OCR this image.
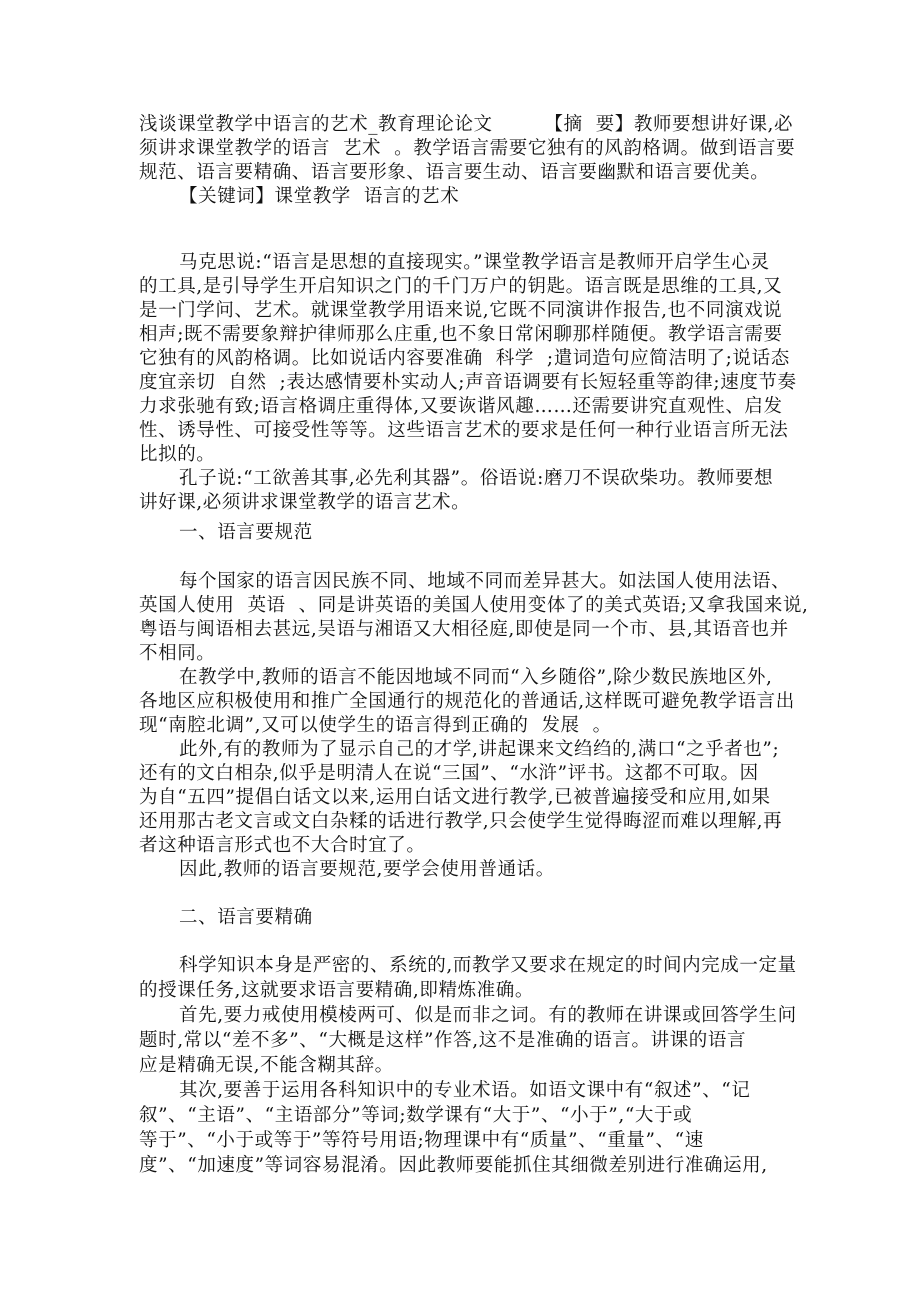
浅谈课堂教学中语言的艺术_教育理论论文        【摘  要】教师要想讲好课,必
须讲求课堂教学的语言  艺术  。教学语言需要它独有的风韵格调。做到语言要
规范、语言要精确、语言要形象、语言要生动、语言要幽默和语言要优美。
【关键词】课堂教学  语言的艺术
马克思说:“语言是思想的直接现实。”课堂教学语言是教师开启学生心灵
的工具,是引导学生开启知识之门的千门万户的钥匙。语言既是思维的工具,又
是一门学问、艺术。就课堂教学用语来说,它既不同演讲作报告,也不同演戏说
相声;既不需要象辩护律师那么庄重,也不象日常闲聊那样随便。教学语言需要
它独有的风韵格调。比如说话内容要准确  科学  ;遣词造句应简洁明了;说话态
度宜亲切  自然  ;表达感情要朴实动人;声音语调要有长短轻重等韵律;速度节奏
力求张驰有致;语言格调庄重得体,又要诙谐风趣……还需要讲究直观性、启发
性、诱导性、可接受性等等。这些语言艺术的要求是任何一种行业语言所无法
比拟的。
孔子说:“工欲善其事,必先利其器”。俗语说:磨刀不误砍柴功。教师要想
讲好课,必须讲求课堂教学的语言艺术。
一、语言要规范
每个国家的语言因民族不同、地域不同而差异甚大。如法国人使用法语、
英国人使用  英语  、同是讲英语的美国人使用变体了的美式英语;又拿我国来说,
粤语与闽语相去甚远,吴语与湘语又大相径庭,即使是同一个市、县,其语音也并
不相同。
在教学中,教师的语言不能因地域不同而“入乡随俗”,除少数民族地区外,
各地区应积极使用和推广全国通行的规范化的普通话,这样既可避免教学语言出
现“南腔北调”,又可以使学生的语言得到正确的  发展  。
此外,有的教师为了显示自己的才学,讲起课来文绉绉的,满口“之乎者也”;
还有的文白相杂,似乎是明清人在说“三国”、“水浒”评书。这都不可取。因
为自“五四”提倡白话文以来,运用白话文进行教学,已被普遍接受和应用,如果
还用那古老文言或文白杂糅的话进行教学,只会使学生觉得晦涩而难以理解,再
者这种语言形式也不大合时宜了。
因此,教师的语言要规范,要学会使用普通话。
二、语言要精确
科学知识本身是严密的、系统的,而教学又要求在规定的时间内完成一定量
的授课任务,这就要求语言要精确,即精炼准确。
首先,要力戒使用模棱两可、似是而非之词。有的教师在讲课或回答学生问
题时,常以“差不多”、“大概是这样”作答,这不是准确的语言。讲课的语言
应是精确无误,不能含糊其辞。
其次,要善于运用各科知识中的专业术语。如语文课中有“叙述”、“记
叙”、“主语”、“主语部分”等词;数学课有“大于”、“小于”,“大于或
等于”、“小于或等于”等符号用语;物理课中有“质量”、“重量”、“速
度”、“加速度”等词容易混淆。因此教师要能抓住其细微差别进行准确运用,
